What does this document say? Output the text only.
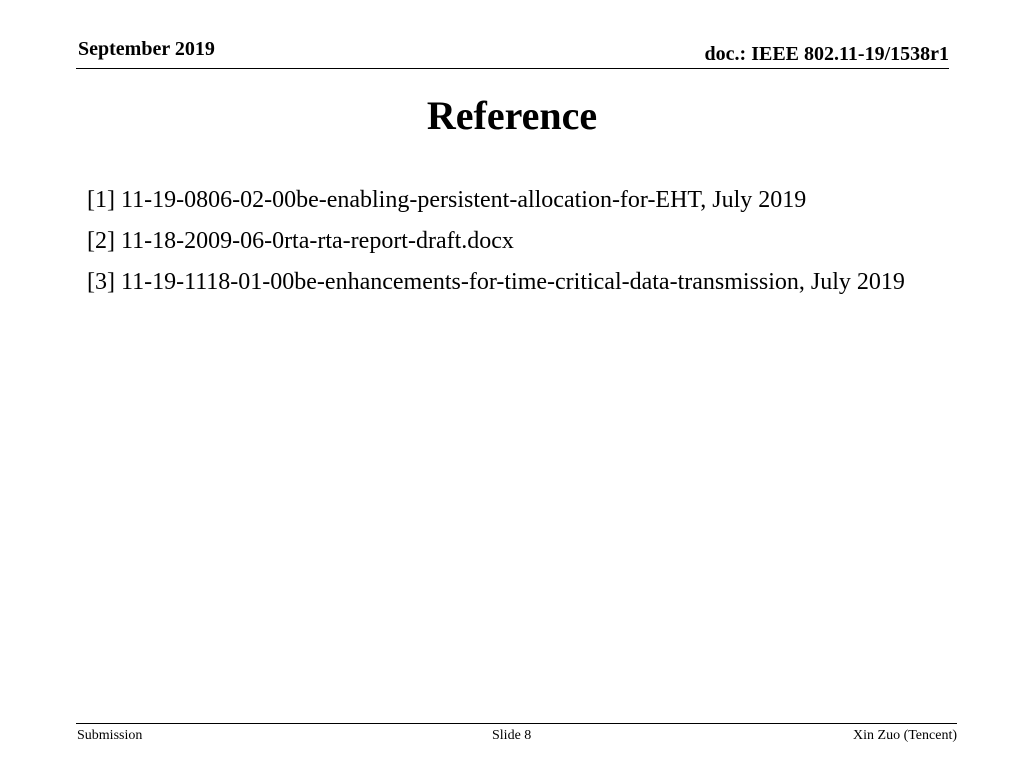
September 2019	doc.: IEEE 802.11-19/1538r1
Reference
[1] 11-19-0806-02-00be-enabling-persistent-allocation-for-EHT, July 2019
[2] 11-18-2009-06-0rta-rta-report-draft.docx
[3] 11-19-1118-01-00be-enhancements-for-time-critical-data-transmission, July 2019
Submission	Slide 8	Xin Zuo (Tencent)
